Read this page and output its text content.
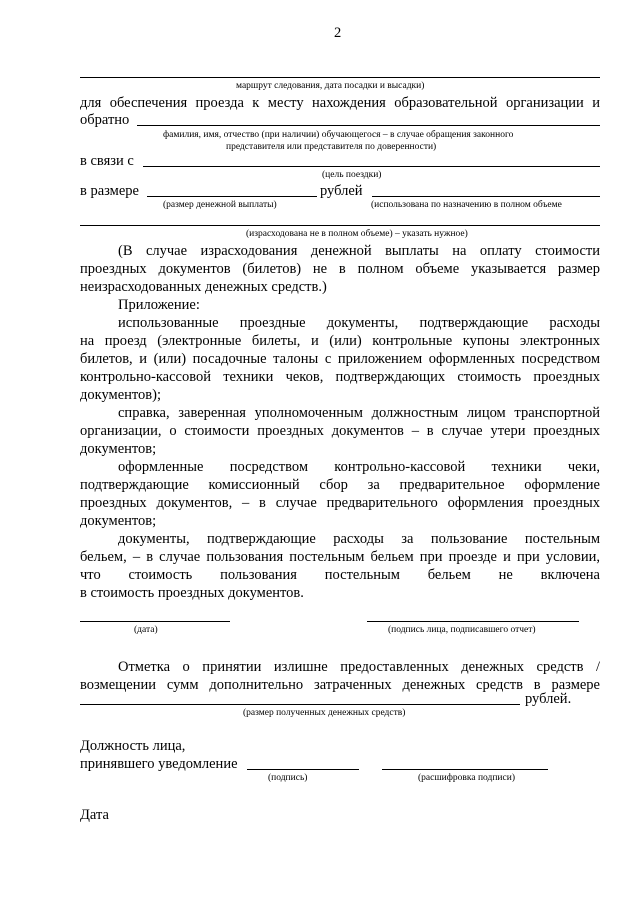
2
маршрут следования, дата посадки и высадки)
для обеспечения проезда к месту нахождения образовательной организации и
обратно
фамилия, имя, отчество (при наличии) обучающегося – в случае обращения законного
представителя или представителя по доверенности)
в связи с
(цель поездки)
в размере	рублей
(размер денежной выплаты)	(использована по назначению в полном объеме
(израсходована не в полном объеме) – указать нужное)
(В случае израсходования денежной выплаты на оплату стоимости
проездных документов (билетов) не в полном объеме указывается размер
неизрасходованных денежных средств.)
Приложение:
использованные проездные документы, подтверждающие расходы
на проезд (электронные билеты, и (или) контрольные купоны электронных
билетов, и (или) посадочные талоны с приложением оформленных посредством
контрольно-кассовой техники чеков, подтверждающих стоимость проездных
документов);
справка, заверенная уполномоченным должностным лицом транспортной
организации, о стоимости проездных документов – в случае утери проездных
документов;
оформленные посредством контрольно-кассовой техники чеки,
подтверждающие комиссионный сбор за предварительное оформление
проездных документов, – в случае предварительного оформления проездных
документов;
документы, подтверждающие расходы за пользование постельным
бельем, – в случае пользования постельным бельем при проезде и при условии,
что стоимость пользования постельным бельем не включена
в стоимость проездных документов.
(дата)	(подпись лица, подписавшего отчет)
Отметка о принятии излишне предоставленных денежных средств /
возмещении сумм дополнительно затраченных денежных средств в размере
рублей.
(размер полученных денежных средств)
Должность лица,
принявшего уведомление
(подпись)	(расшифровка подписи)
Дата
